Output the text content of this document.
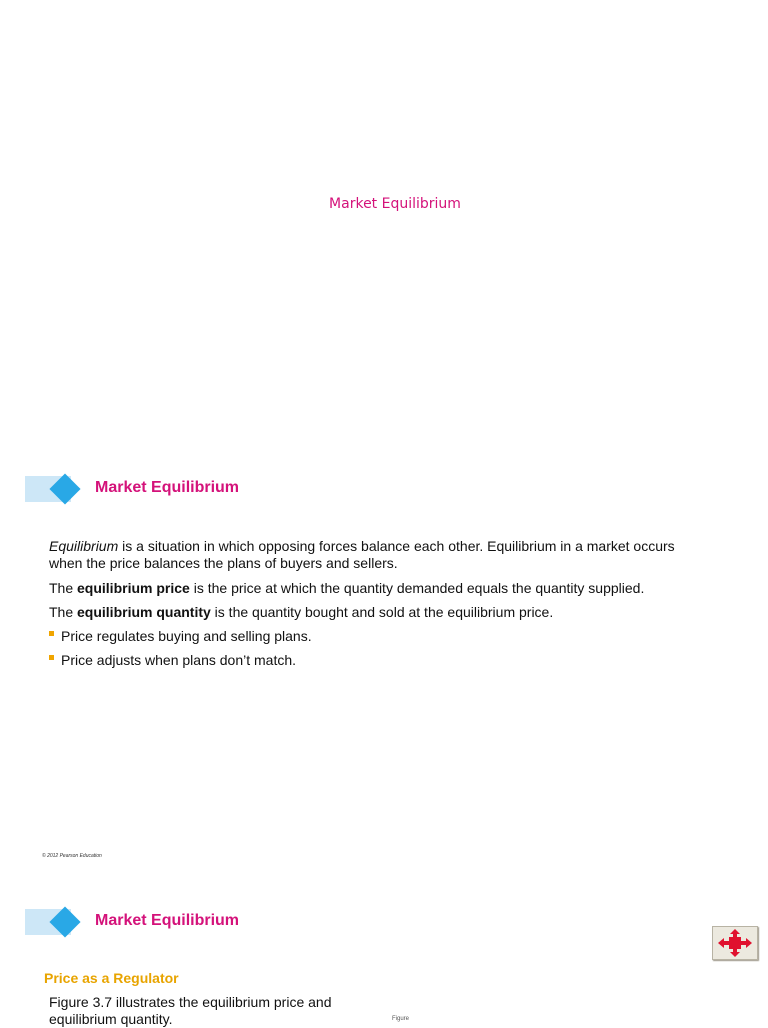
Market Equilibrium
Market Equilibrium

Equilibrium is a situation in which opposing forces balance each other. Equilibrium in a market occurs when the price balances the plans of buyers and sellers.

The equilibrium price is the price at which the quantity demanded equals the quantity supplied.

The equilibrium quantity is the quantity bought and sold at the equilibrium price.

Price regulates buying and selling plans.
Price adjusts when plans don’t match.
© 2012 Pearson Education
Market Equilibrium
Price as a Regulator
Figure 3.7 illustrates the equilibrium price and equilibrium quantity.	Figure
